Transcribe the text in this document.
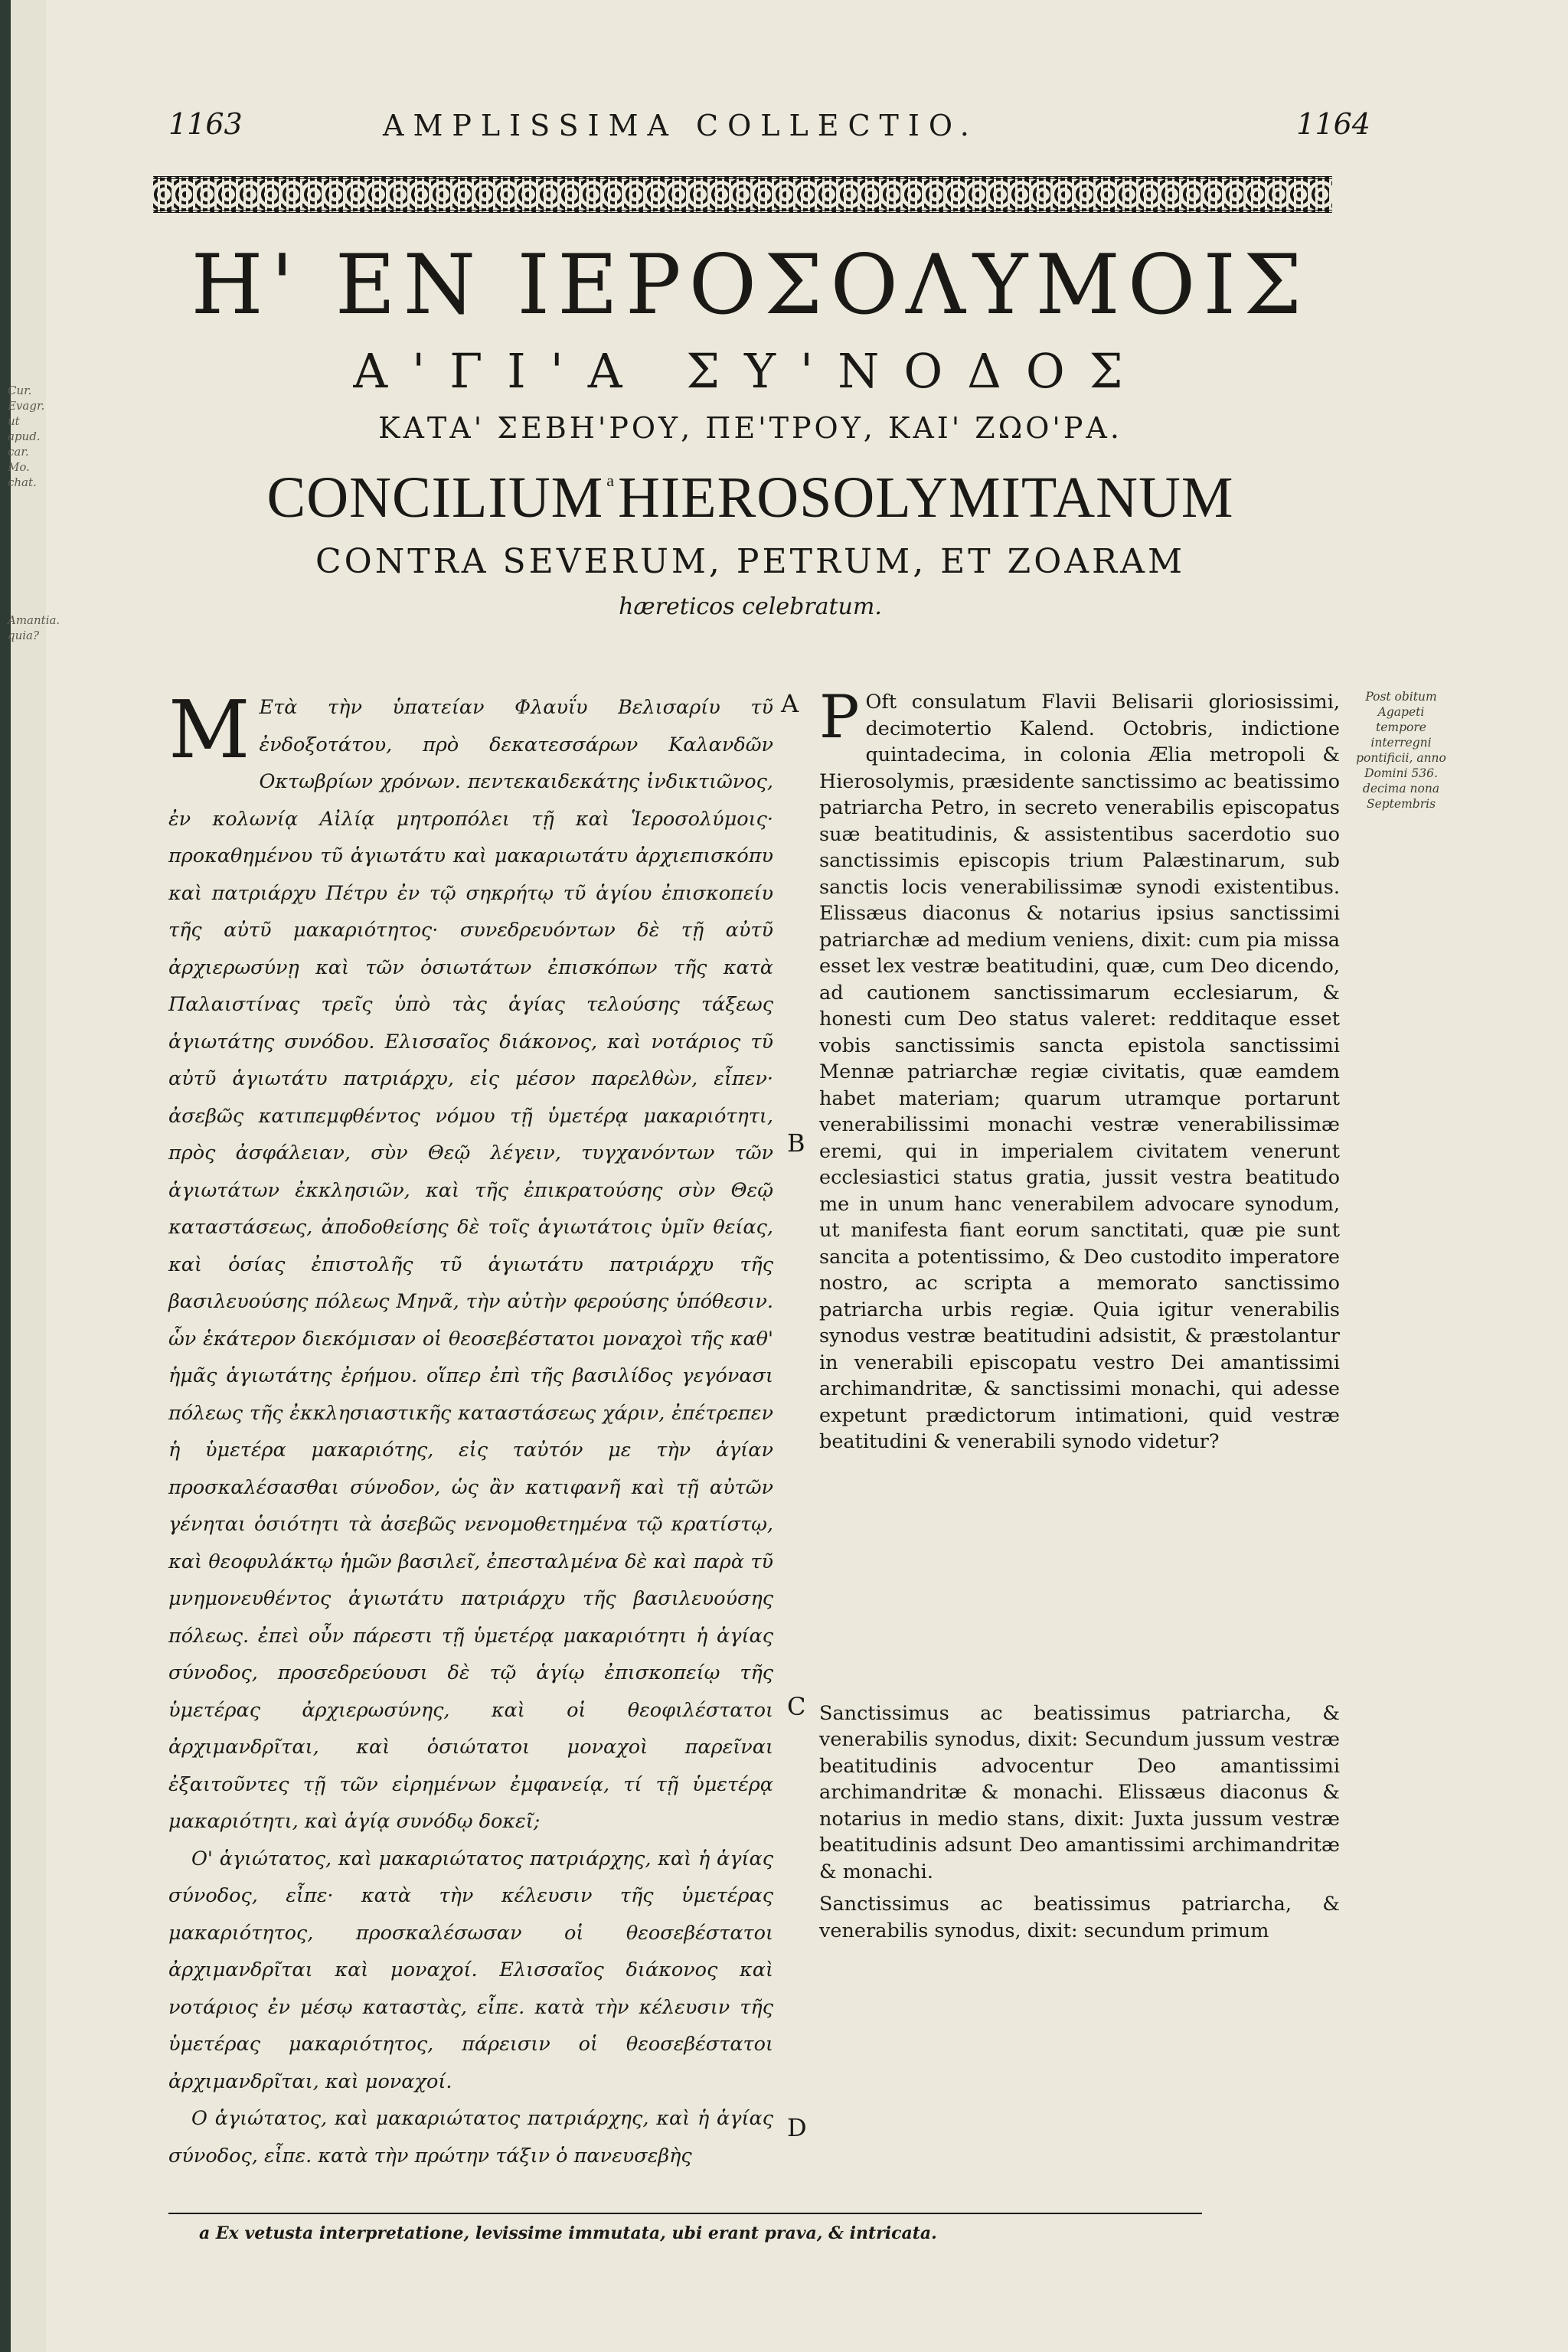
Cur. Evagr. ut apud. car. Mo. chat.
Amantia. quia?
1163	AMPLISSIMA COLLECTIO.	1164
Η' ΕΝ ΙΕΡΟΣΟΛΥΜΟΙΣ
Α'ΓΙ'Α ΣΥ'ΝΟΔΟΣ
ΚΑΤΑ' ΣΕΒΗ'ΡΟΥ, ΠΕ'ΤΡΟΥ, ΚΑΙ' ΖΩΟ'ΡΑ.
CONCILIUM $^a$HIEROSOLYMITANUM
CONTRA SEVERUM, PETRUM, ET ZOARAM
hæreticos celebratum.

M Ετὰ τὴν ὑπατείαν Φλαυΐυ Βελισαρίυ τῦ ἐνδοξοτάτου, πρὸ δεκατεσσάρων Καλανδῶν Οκτωβρίων χρόνων. πεντεκαιδεκάτης ἰνδικτιῶνος, ἐν κολωνίᾳ Αἰλίᾳ μητροπόλει τῇ καὶ Ἱεροσολύμοις· προκαθημένου τῦ ἁγιωτάτυ καὶ μακαριωτάτυ ἀρχιεπισκόπυ καὶ πατριάρχυ Πέτρυ ἐν τῷ σηκρήτῳ τῦ ἁγίου ἐπισκοπείυ τῆς αὐτῦ μακαριότητος· συνεδρευόντων δὲ τῇ αὐτῦ ἀρχιερωσύνῃ καὶ τῶν ὁσιωτάτων ἐπισκόπων τῆς κατὰ Παλαιστίνας τρεῖς ὑπὸ τὰς ἁγίας τελούσης τάξεως ἁγιωτάτης συνόδου. Ελισσαῖος διάκονος, καὶ νοτάριος τῦ αὐτῦ ἁγιωτάτυ πατριάρχυ, εἰς μέσον παρελθὼν, εἶπεν· ἀσεβῶς κατιπεμφθέντος νόμου τῇ ὑμετέρᾳ μακαριότητι, πρὸς ἀσφάλειαν, σὺν Θεῷ λέγειν, τυγχανόντων τῶν ἁγιωτάτων ἐκκλησιῶν, καὶ τῆς ἐπικρατούσης σὺν Θεῷ καταστάσεως, ἀποδοθείσης δὲ τοῖς ἁγιωτάτοις ὑμῖν θείας, καὶ ὁσίας ἐπιστολῆς τῦ ἁγιωτάτυ πατριάρχυ τῆς βασιλευούσης πόλεως Μηνᾶ, τὴν αὐτὴν φερούσης ὑπόθεσιν. ὧν ἑκάτερον διεκόμισαν οἱ θεοσεβέστατοι μοναχοὶ τῆς καθ' ἡμᾶς ἁγιωτάτης ἐρήμου. οἵπερ ἐπὶ τῆς βασιλίδος γεγόνασι πόλεως τῆς ἐκκλησιαστικῆς καταστάσεως χάριν, ἐπέτρεπεν ἡ ὑμετέρα μακαριότης, εἰς ταὐτόν με τὴν ἁγίαν προσκαλέσασθαι σύνοδον, ὡς ἂν κατιφανῆ καὶ τῇ αὐτῶν γένηται ὁσιότητι τὰ ἀσεβῶς νενομοθετημένα τῷ κρατίστῳ, καὶ θεοφυλάκτῳ ἡμῶν βασιλεῖ, ἐπεσταλμένα δὲ καὶ παρὰ τῦ μνημονευθέντος ἁγιωτάτυ πατριάρχυ τῆς βασιλευούσης πόλεως. ἐπεὶ οὖν πάρεστι τῇ ὑμετέρᾳ μακαριότητι ἡ ἁγίας σύνοδος, προσεδρεύουσι δὲ τῷ ἁγίῳ ἐπισκοπείῳ τῆς ὑμετέρας ἀρχιερωσύνης, καὶ οἱ θεοφιλέστατοι ἀρχιμανδρῖται, καὶ ὁσιώτατοι μοναχοὶ παρεῖναι ἐξαιτοῦντες τῇ τῶν εἰρημένων ἐμφανείᾳ, τί τῇ ὑμετέρᾳ μακαριότητι, καὶ ἁγίᾳ συνόδῳ δοκεῖ;

Ο' ἁγιώτατος, καὶ μακαριώτατος πατριάρχης, καὶ ἡ ἁγίας σύνοδος, εἶπε· κατὰ τὴν κέλευσιν τῆς ὑμετέρας μακαριότητος, προσκαλέσωσαν οἱ θεοσεβέστατοι ἀρχιμανδρῖται καὶ μοναχοί. Ελισσαῖος διάκονος καὶ νοτάριος ἐν μέσῳ καταστὰς, εἶπε. κατὰ τὴν κέλευσιν τῆς ὑμετέρας μακαριότητος, πάρεισιν οἱ θεοσεβέστατοι ἀρχιμανδρῖται, καὶ μοναχοί.

Ο ἁγιώτατος, καὶ μακαριώτατος πατριάρχης, καὶ ἡ ἁγίας σύνοδος, εἶπε. κατὰ τὴν πρώτην τάξιν ὁ πανευσεβὴς

A
B
C
D

P Oft consulatum Flavii Belisarii gloriosissimi, decimotertio Kalend. Octobris, indictione quintadecima, in colonia Ælia metropoli & Hierosolymis, præsidente sanctissimo ac beatissimo patriarcha Petro, in secreto venerabilis episcopatus suæ beatitudinis, & assistentibus sacerdotio suo sanctissimis episcopis trium Palæstinarum, sub sanctis locis venerabilissimæ synodi existentibus. Elissæus diaconus & notarius ipsius sanctissimi patriarchæ ad medium veniens, dixit: cum pia missa esset lex vestræ beatitudini, quæ, cum Deo dicendo, ad cautionem sanctissimarum ecclesiarum, & honesti cum Deo status valeret: redditaque esset vobis sanctissimis sancta epistola sanctissimi Mennæ patriarchæ regiæ civitatis, quæ eamdem habet materiam; quarum utramque portarunt venerabilissimi monachi vestræ venerabilissimæ eremi, qui in imperialem civitatem venerunt ecclesiastici status gratia, jussit vestra beatitudo me in unum hanc venerabilem advocare synodum, ut manifesta fiant eorum sanctitati, quæ pie sunt sancita a potentissimo, & Deo custodito imperatore nostro, ac scripta a memorato sanctissimo patriarcha urbis regiæ. Quia igitur venerabilis synodus vestræ beatitudini adsistit, & præstolantur in venerabili episcopatu vestro Dei amantissimi archimandritæ, & sanctissimi monachi, qui adesse expetunt prædictorum intimationi, quid vestræ beatitudini & venerabili synodo videtur?

Sanctissimus ac beatissimus patriarcha, & venerabilis synodus, dixit: Secundum jussum vestræ beatitudinis advocentur Deo amantissimi archimandritæ & monachi. Elissæus diaconus & notarius in medio stans, dixit: Juxta jussum vestræ beatitudinis adsunt Deo amantissimi archimandritæ & monachi.

Sanctissimus ac beatissimus patriarcha, & venerabilis synodus, dixit: secundum primum

Post obitum Agapeti tempore interregni pontificii, anno Domini 536. decima nona Septembris
a Ex vetusta interpretatione, levissime immutata, ubi erant prava, & intricata.
